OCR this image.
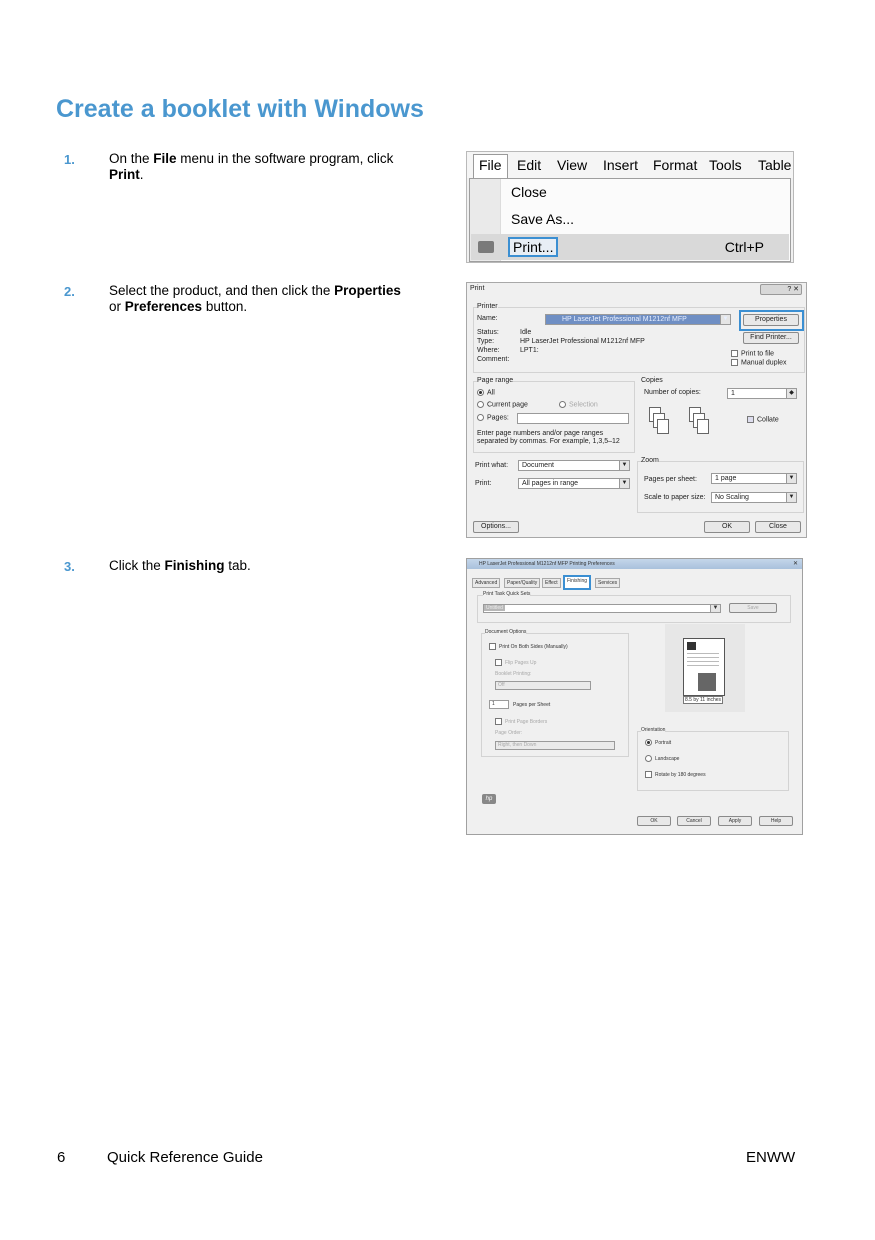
Create a booklet with Windows
1.	On the File menu in the software program, click Print.
2.	Select the product, and then click the Properties or Preferences button.
3.	Click the Finishing tab.
File	Edit View Insert Format Tools Table
Close
Save As...
Print...	Ctrl+P
Print	? ✕
Printer
Name:	HP LaserJet Professional M1212nf MFP	▼	Properties
Status:	Idle
Type:	HP LaserJet Professional M1212nf MFP
Where:	LPT1:
Comment:
Find Printer...
Print to file
Manual duplex
Page range
All
Current page	Selection
Pages:
Enter page numbers and/or page ranges
separated by commas. For example, 1,3,5–12
Copies
Number of copies:	1	◆
Collate
Print what:	Document	▼
Print:	All pages in range	▼
Zoom
Pages per sheet:	1 page	▼
Scale to paper size:	No Scaling	▼
Options...	OK	Close
HP LaserJet Professional M1212nf MFP Printing Preferences	✕
Advanced	Paper/Quality	Effect	Finishing	Services
Print Task Quick Sets
Untitled	▼	Save
Document Options
Print On Both Sides (Manually)
Flip Pages Up
Booklet Printing:
Off
1	Pages per Sheet
Print Page Borders
Page Order:
Right, then Down
8.5 by 11 inches
Orientation
Portrait
Landscape
Rotate by 180 degrees
hp
OK	Cancel	Apply	Help
6	Quick Reference Guide	ENWW
